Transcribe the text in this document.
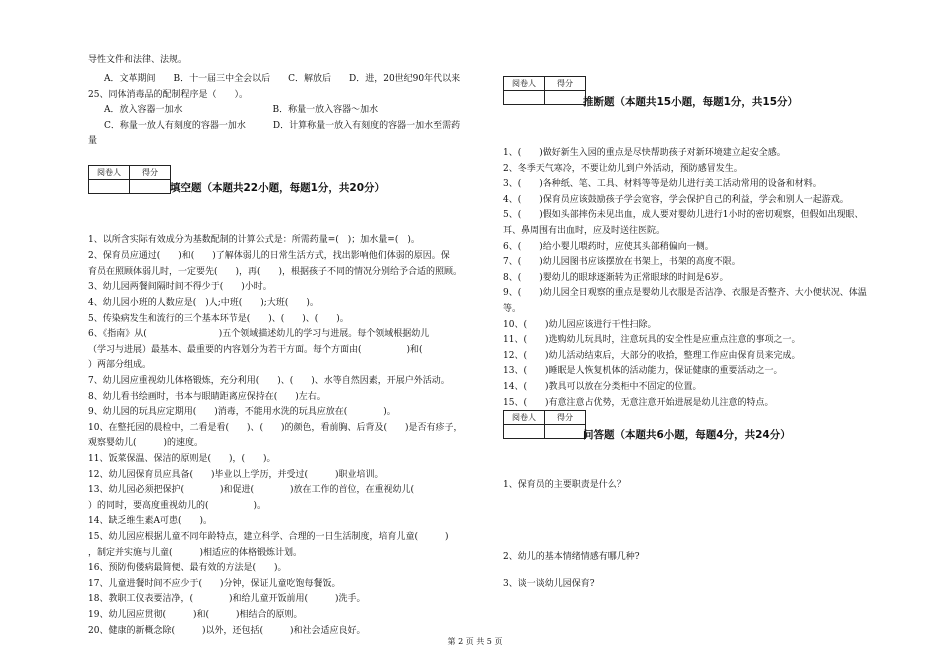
导性文件和法律、法规。
A．文革期间　　B．十一届三中全会以后　　C．解放后　　D．进，20世纪90年代以来
25、同体消毒品的配制程序是（　　）。
A．放入容器一加水　　　　　　　　　　B．称量一放入容器～加水
C．称量一放人有刻度的容器一加水　　　D．计算称量一放入有刻度的容器一加水至需药
量
阅卷人	得分

填空题（本题共22小题，每题1分，共20分）
1、以所含实际有效成分为基数配制的计算公式是：所需药量=(　)；加水量=(　)。
2、保育员应通过(　　)和(　　)了解体弱儿的日常生活方式，找出影响他们体弱的原因。保
育员在照顾体弱儿时，一定要先(　　)，再(　　)，根据孩子不同的情况分别给予合适的照顾。
3、幼儿园两餐间隔时间不得少于(　　)小时。
4、幼儿园小班的人数应是(　)人;中班(　　);大班(　　)。
5、传染病发生和流行的三个基本环节是(　　)、(　　)、(　　)。
6、《指南》从(　　　　　　　　)五个领域描述幼儿的学习与进展。每个领域根据幼儿
（学习与进展）最基本、最重要的内容划分为若干方面。每个方面由(　　　　　)和(　
）两部分组成。
7、幼儿园应重视幼儿体格锻炼，充分利用(　　)、(　　)、水等自然因素，开展户外活动。
8、幼儿看书绘画时，书本与眼睛距离应保持在(　　)左右。
9、幼儿园的玩具应定期用(　　)消毒，不能用水洗的玩具应放在(　　　　)。
10、在整托园的晨检中，二看是看(　　)、(　　)的颜色，看前胸、后背及(　　)是否有疹子，
观察婴幼儿(　　　)的速度。
11、饭菜保温、保洁的原则是(　　)，(　　)。
12、幼儿园保育员应具备(　　)毕业以上学历，并受过(　　　)职业培训。
13、幼儿园必须把保护(　　　　)和促进(　　　　)放在工作的首位，在重视幼儿(
）的同时，要高度重视幼儿的(　　　　　)。
14、缺乏维生素A可患(　　)。
15、幼儿园应根据儿童不同年龄特点，建立科学、合理的一日生活制度，培育儿童(　　　)
，制定并实施与儿童(　　　)相适应的体格锻炼计划。
16、预防佝偻病最简便、最有效的方法是(　　)。
17、儿童进餐时间不应少于(　　)分钟，保证儿童吃饱每餐饭。
18、教职工仪表要洁净，(　　　　)和给儿童开饭前用(　　　)洗手。
19、幼儿园应贯彻(　　　)和(　　　)相结合的原则。
20、健康的新概念除(　　　)以外，还包括(　　　)和社会适应良好。
阅卷人	得分

推断题（本题共15小题，每题1分，共15分）
1、(　　)做好新生入园的重点是尽快帮助孩子对新环境建立起安全感。
2、冬季天气寒冷，不要让幼儿到户外活动，预防感冒发生。
3、(　　)各种纸、笔、工具、材料等等是幼儿进行美工活动常用的设备和材料。
4、(　　)保育员应该鼓励孩子学会宽容，学会保护自己的利益，学会和别人一起游戏。
5、(　　)假如头部摔伤未见出血，成人要对婴幼儿进行1小时的密切观察，但假如出现眼、
耳、鼻周围有出血时，应及时送往医院。
6、(　　)给小婴儿喂药时，应使其头部稍偏向一侧。
7、(　　)幼儿园图书应该摆放在书架上，书架的高度不限。
8、(　　)婴幼儿的眼球逐渐转为正常眼球的时间是6岁。
9、(　　)幼儿园全日观察的重点是婴幼儿衣服是否洁净、衣服是否整齐、大小便状况、体温
等。
10、(　　)幼儿园应该进行干性扫除。
11、(　　)选购幼儿玩具时，注意玩具的安全性是应重点注意的事项之一。
12、(　　)幼儿活动结束后，大部分的收拾，整理工作应由保育员来完成。
13、(　　)睡眠是人恢复机体的活动能力，保证健康的重要活动之一。
14、(　　)教具可以放在分类柜中不固定的位置。
15、(　　)有意注意占优势，无意注意开始进展是幼儿注意的特点。
阅卷人	得分

问答题（本题共6小题，每题4分，共24分）
1、保育员的主要职责是什么？
2、幼儿的基本情绪情感有哪几种?
3、谈一谈幼儿园保育?
第 2 页 共 5 页
